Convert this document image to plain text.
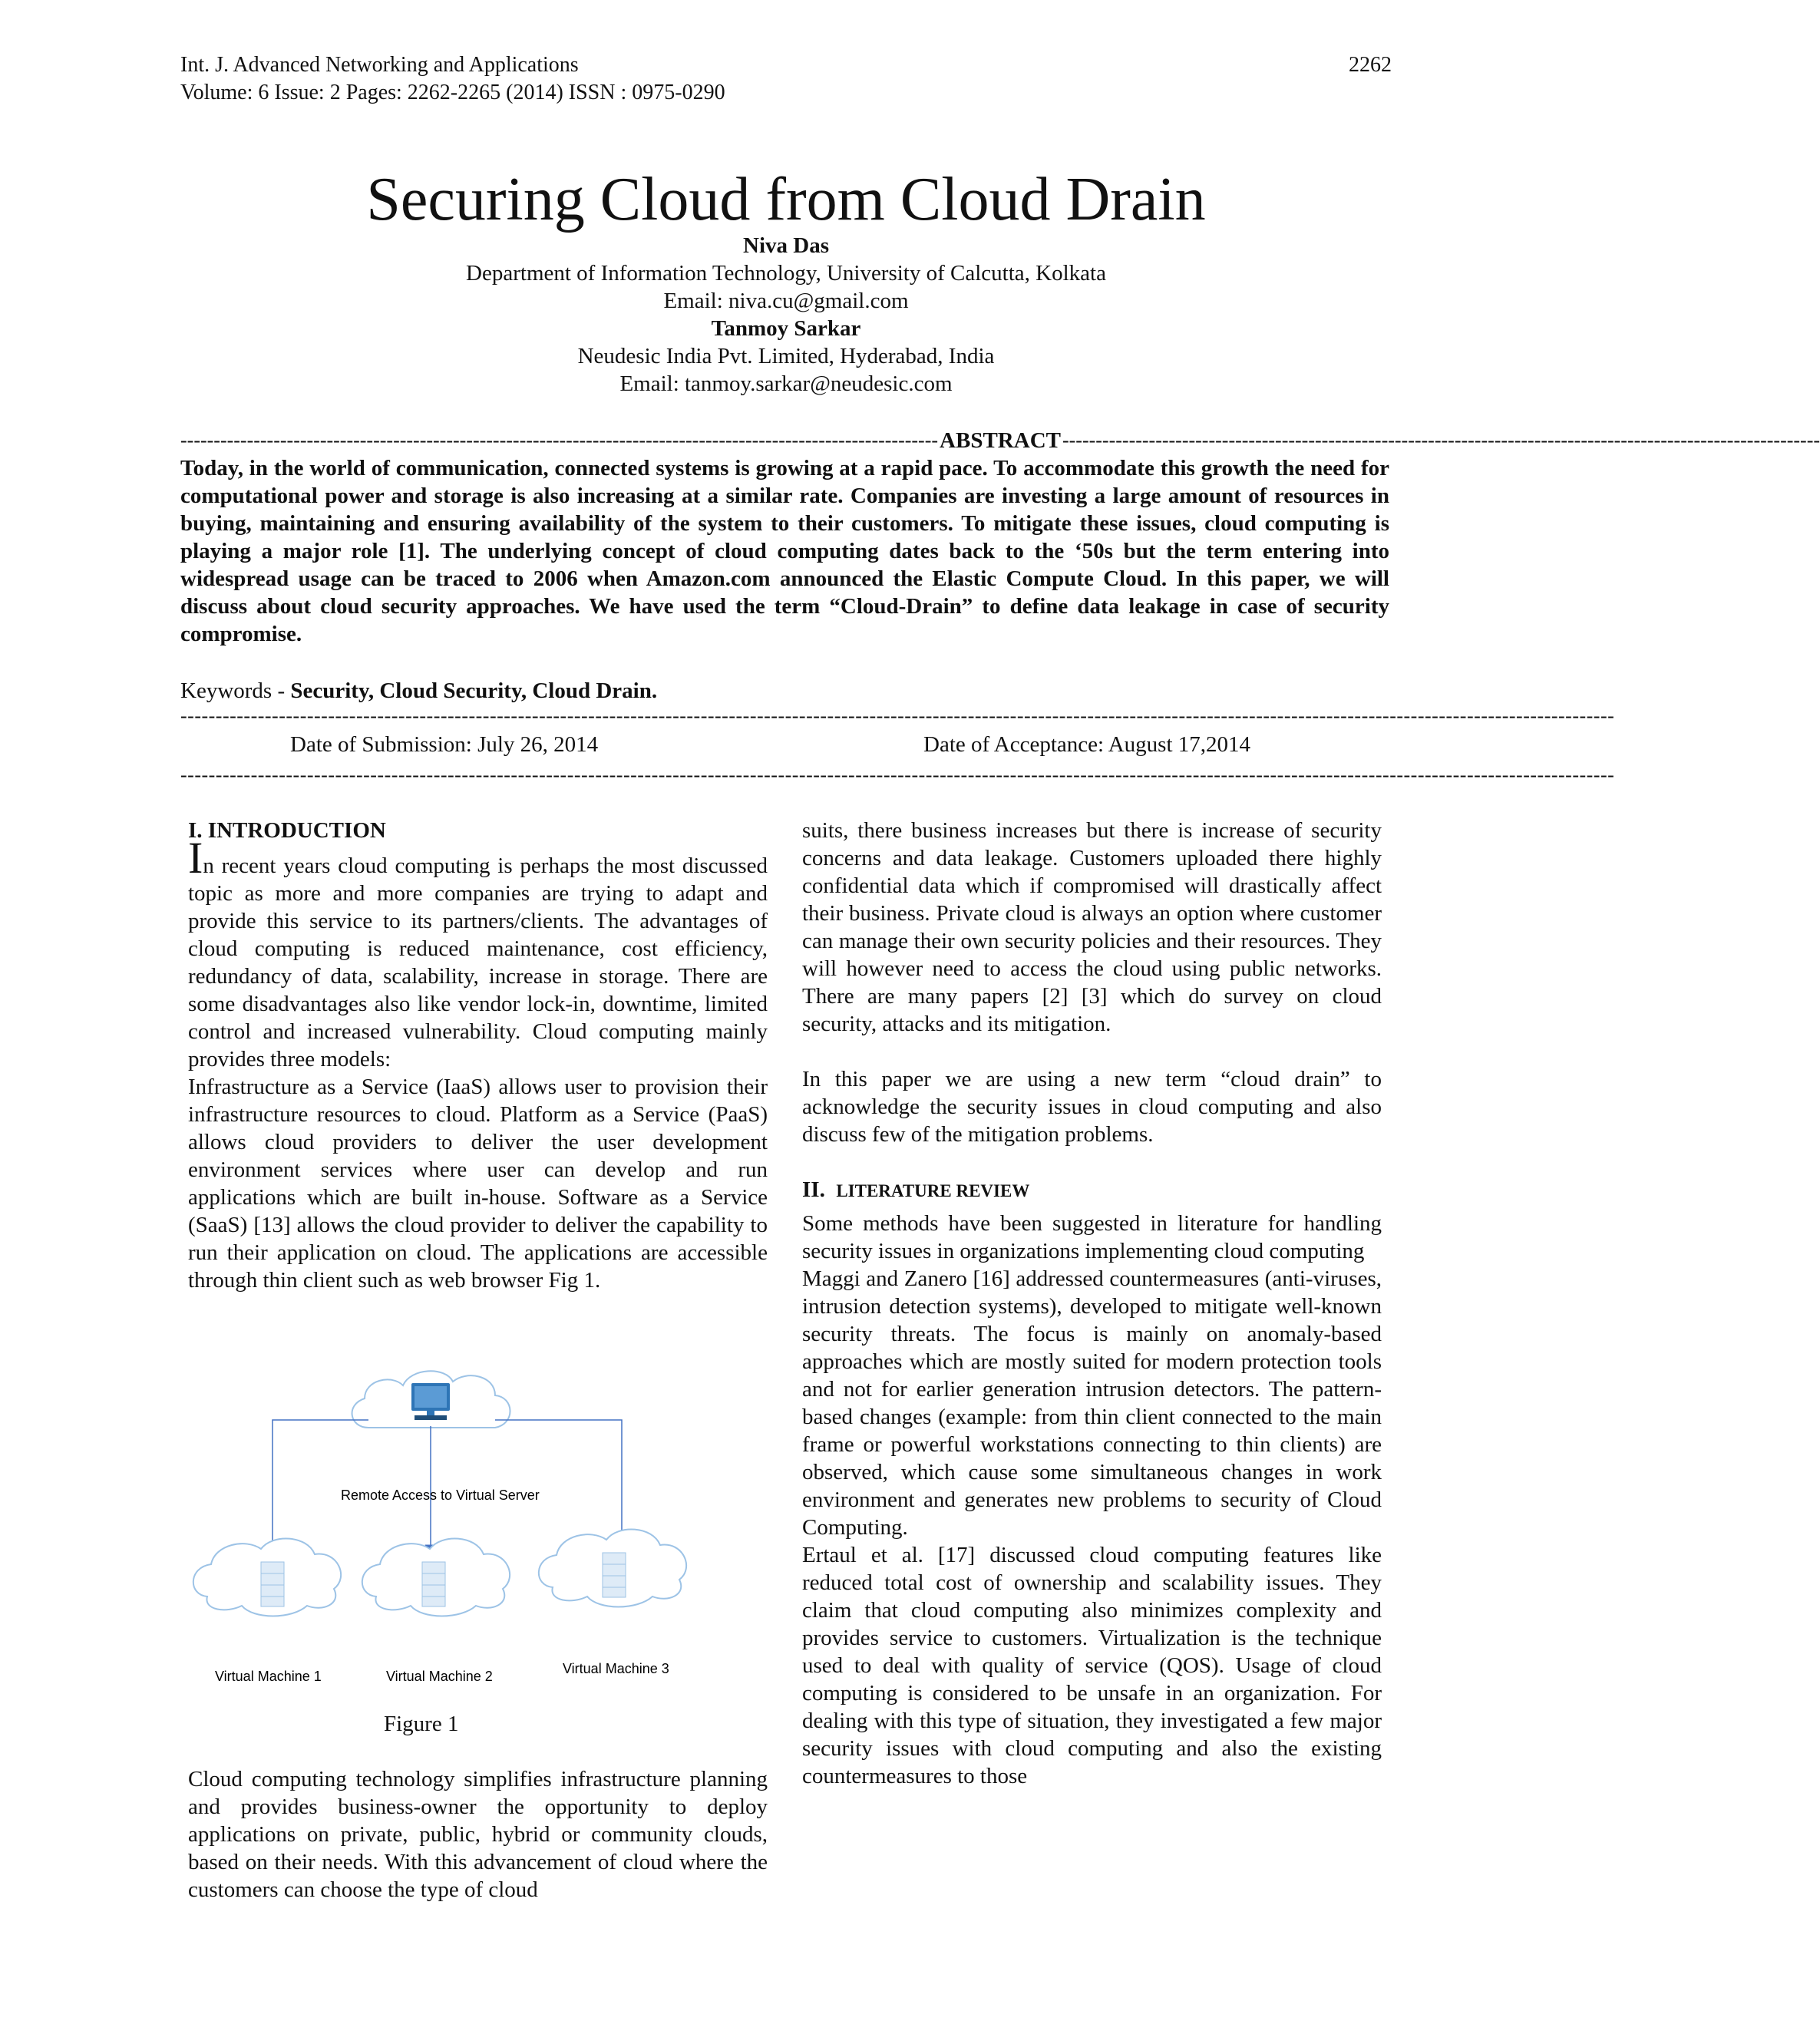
Int. J. Advanced Networking and Applications
Volume: 6 Issue: 2 Pages: 2262-2265 (2014) ISSN : 0975-0290
2262
Securing Cloud from Cloud Drain
Niva Das
Department of Information Technology, University of Calcutta, Kolkata
Email: niva.cu@gmail.com
Tanmoy Sarkar
Neudesic India Pvt. Limited, Hyderabad, India
Email: tanmoy.sarkar@neudesic.com
------------------------------------------------------------------------------------------------------------------ ABSTRACT ------------------------------------------------------------------------------------------------------------------
Today, in the world of communication, connected systems is growing at a rapid pace. To accommodate this growth the need for computational power and storage is also increasing at a similar rate. Companies are investing a large amount of resources in buying, maintaining and ensuring availability of the system to their customers. To mitigate these issues, cloud computing is playing a major role [1]. The underlying concept of cloud computing dates back to the ‘50s but the term entering into widespread usage can be traced to 2006 when Amazon.com announced the Elastic Compute Cloud. In this paper, we will discuss about cloud security approaches. We have used the term “Cloud-Drain” to define data leakage in case of security compromise.
Keywords - Security, Cloud Security, Cloud Drain.
------------------------------------------------------------------------------------------------------------------------------------------------------------------------------------------------------------
Date of Submission: July 26, 2014	Date of Acceptance: August 17,2014
------------------------------------------------------------------------------------------------------------------------------------------------------------------------------------------------------------
I. INTRODUCTION

In recent years cloud computing is perhaps the most discussed topic as more and more companies are trying to adapt and provide this service to its partners/clients. The advantages of cloud computing is reduced maintenance, cost efficiency, redundancy of data, scalability, increase in storage. There are some disadvantages also like vendor lock-in, downtime, limited control and increased vulnerability. Cloud computing mainly provides three models:

Infrastructure as a Service (IaaS) allows user to provision their infrastructure resources to cloud. Platform as a Service (PaaS) allows cloud providers to deliver the user development environment services where user can develop and run applications which are built in-house. Software as a Service (SaaS) [13] allows the cloud provider to deliver the capability to run their application on cloud. The applications are accessible through thin client such as web browser Fig 1.

Remote Access to Virtual Server
Virtual Machine 1	Virtual Machine 2	Virtual Machine 3
Figure 1

Cloud computing technology simplifies infrastructure planning and provides business-owner the opportunity to deploy applications on private, public, hybrid or community clouds, based on their needs. With this advancement of cloud where the customers can choose the type of cloud

suits, there business increases but there is increase of security concerns and data leakage. Customers uploaded there highly confidential data which if compromised will drastically affect their business. Private cloud is always an option where customer can manage their own security policies and their resources. They will however need to access the cloud using public networks. There are many papers [2] [3] which do survey on cloud security, attacks and its mitigation.

In this paper we are using a new term “cloud drain” to acknowledge the security issues in cloud computing and also discuss few of the mitigation problems.

II. LITERATURE REVIEW

Some methods have been suggested in literature for handling security issues in organizations implementing cloud computing

Maggi and Zanero [16] addressed countermeasures (anti-viruses, intrusion detection systems), developed to mitigate well-known security threats. The focus is mainly on anomaly-based approaches which are mostly suited for modern protection tools and not for earlier generation intrusion detectors. The pattern-based changes (example: from thin client connected to the main frame or powerful workstations connecting to thin clients) are observed, which cause some simultaneous changes in work environment and generates new problems to security of Cloud Computing.

Ertaul et al. [17] discussed cloud computing features like reduced total cost of ownership and scalability issues. They claim that cloud computing also minimizes complexity and provides service to customers. Virtualization is the technique used to deal with quality of service (QOS). Usage of cloud computing is considered to be unsafe in an organization. For dealing with this type of situation, they investigated a few major security issues with cloud computing and also the existing countermeasures to those
